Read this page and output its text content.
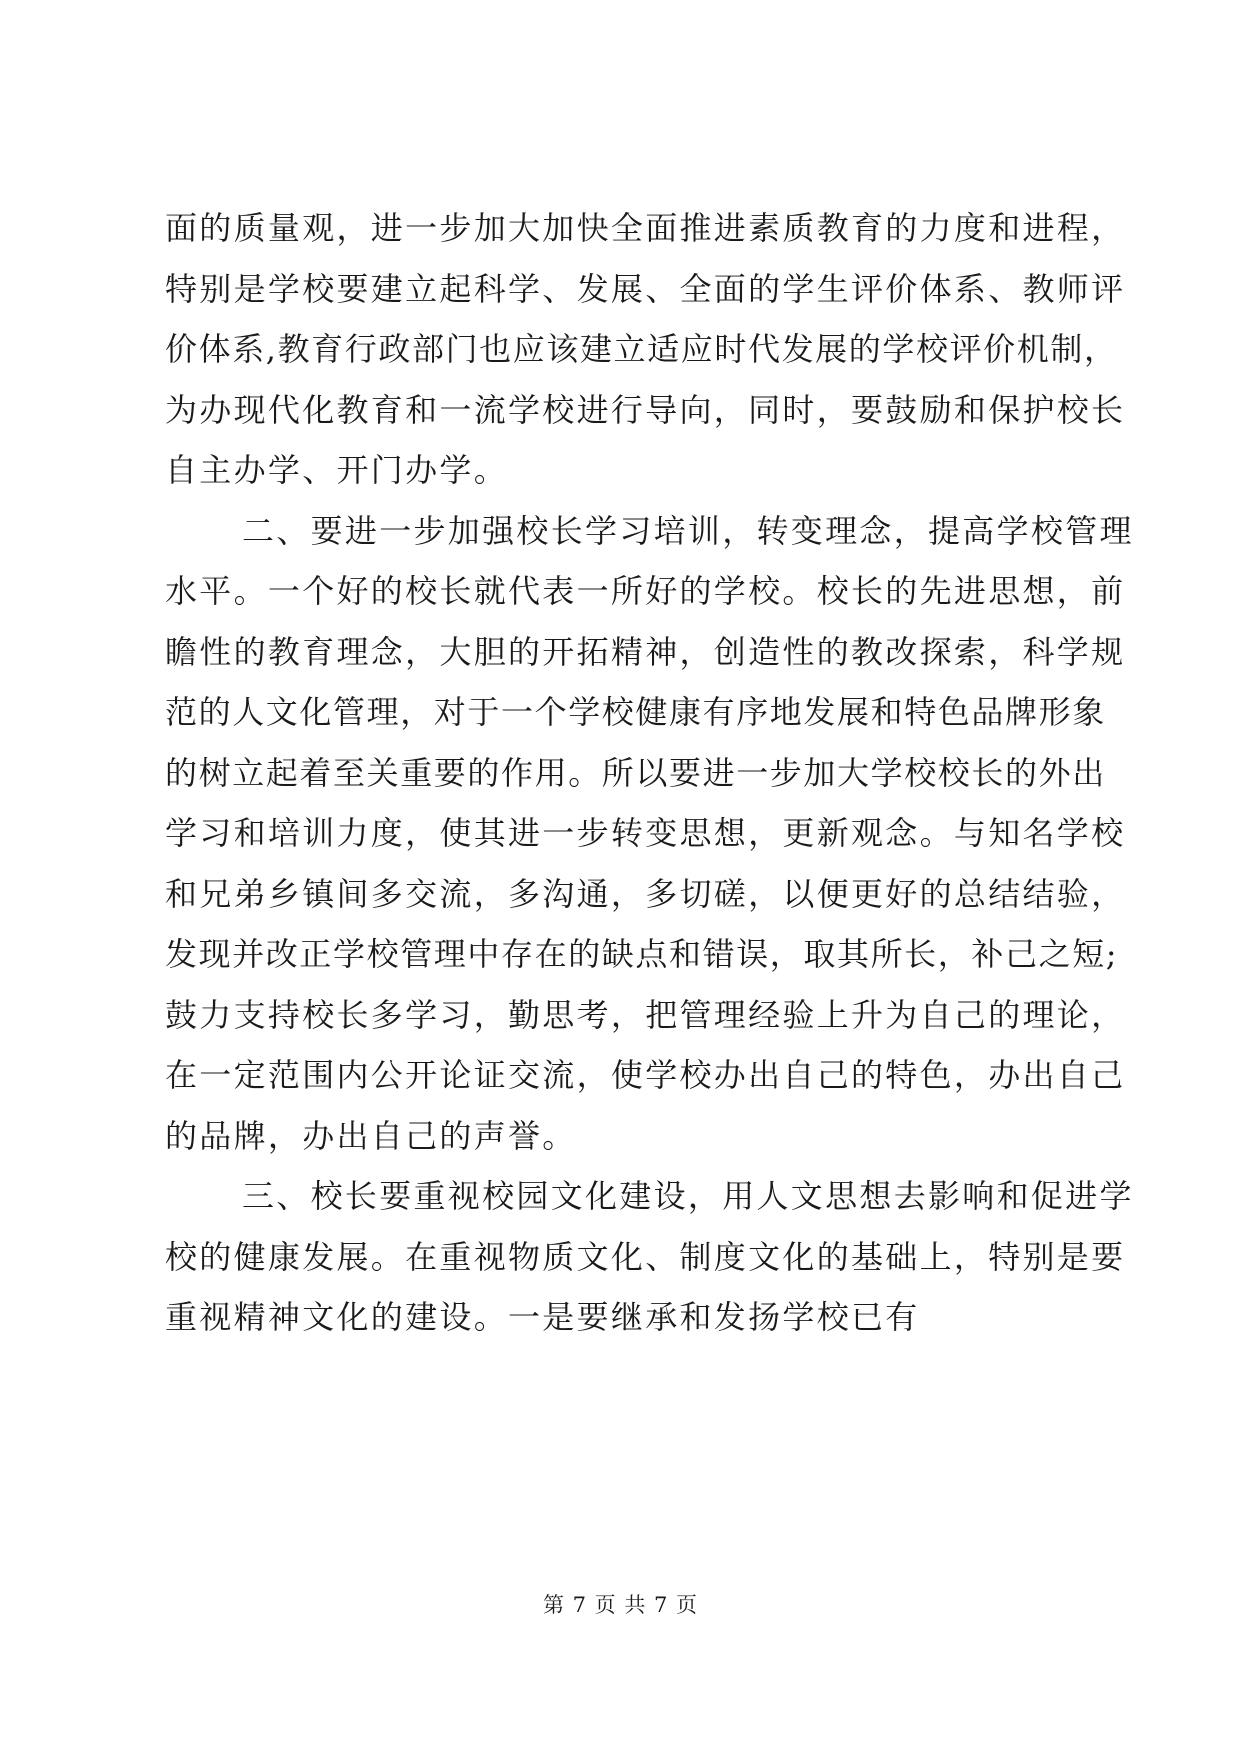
面的质量观，进一步加大加快全面推进素质教育的力度和进程，
特别是学校要建立起科学、发展、全面的学生评价体系、教师评
价体系,教育行政部门也应该建立适应时代发展的学校评价机制，
为办现代化教育和一流学校进行导向，同时，要鼓励和保护校长
自主办学、开门办学。
二、要进一步加强校长学习培训，转变理念，提高学校管理
水平。一个好的校长就代表一所好的学校。校长的先进思想，前
瞻性的教育理念，大胆的开拓精神，创造性的教改探索，科学规
范的人文化管理，对于一个学校健康有序地发展和特色品牌形象
的树立起着至关重要的作用。所以要进一步加大学校校长的外出
学习和培训力度，使其进一步转变思想，更新观念。与知名学校
和兄弟乡镇间多交流，多沟通，多切磋，以便更好的总结结验，
发现并改正学校管理中存在的缺点和错误，取其所长，补己之短;
鼓力支持校长多学习，勤思考，把管理经验上升为自己的理论，
在一定范围内公开论证交流，使学校办出自己的特色，办出自己
的品牌，办出自己的声誉。
三、校长要重视校园文化建设，用人文思想去影响和促进学
校的健康发展。在重视物质文化、制度文化的基础上，特别是要
重视精神文化的建设。一是要继承和发扬学校已有
第 7 页 共 7 页
